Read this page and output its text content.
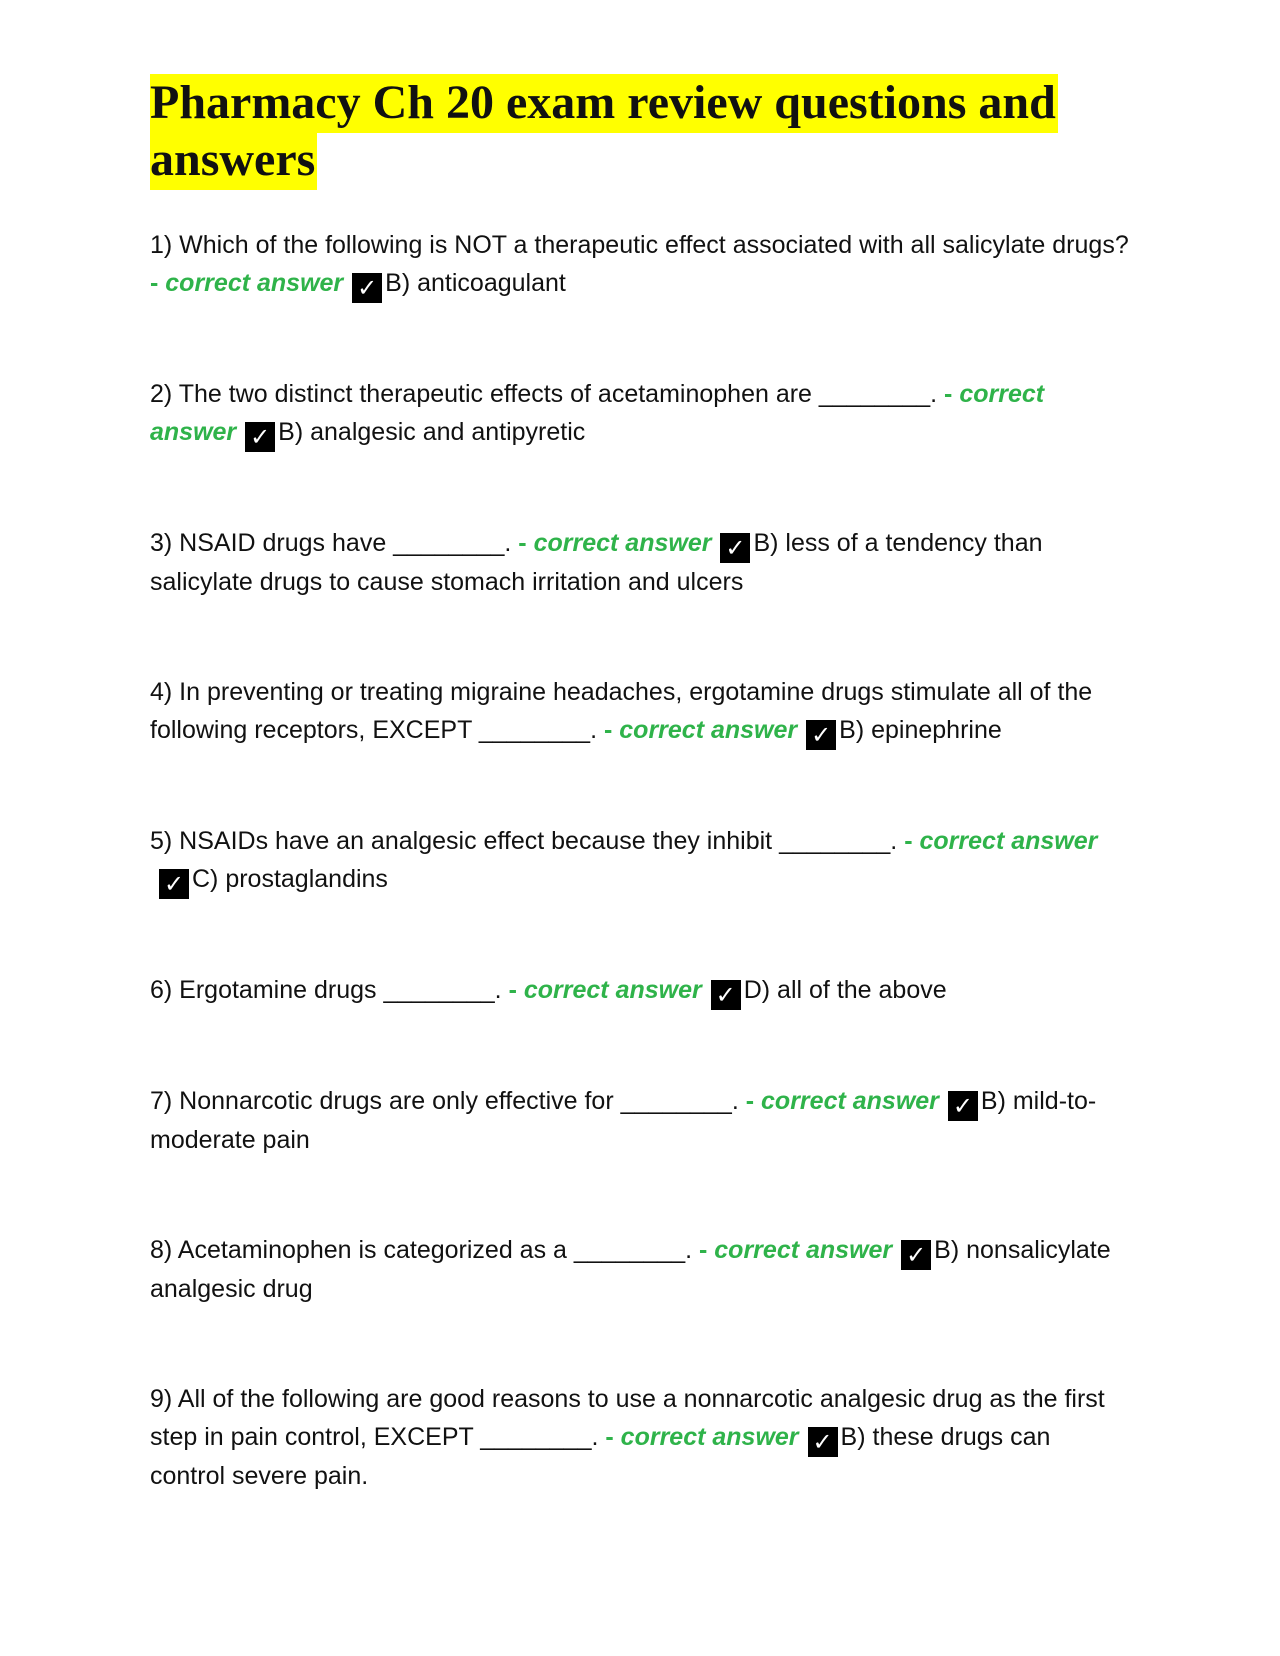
Pharmacy Ch 20 exam review questions and answers

1) Which of the following is NOT a therapeutic effect associated with all salicylate drugs? - correct answer ✓ B) anticoagulant

2) The two distinct therapeutic effects of acetaminophen are ________. - correct answer ✓ B) analgesic and antipyretic

3) NSAID drugs have ________. - correct answer ✓ B) less of a tendency than salicylate drugs to cause stomach irritation and ulcers

4) In preventing or treating migraine headaches, ergotamine drugs stimulate all of the following receptors, EXCEPT ________. - correct answer ✓ B) epinephrine

5) NSAIDs have an analgesic effect because they inhibit ________. - correct answer✓ C) prostaglandins

6) Ergotamine drugs ________. - correct answer ✓ D) all of the above

7) Nonnarcotic drugs are only effective for ________. - correct answer ✓ B) mild-to-moderate pain

8) Acetaminophen is categorized as a ________. - correct answer ✓ B) nonsalicylate analgesic drug

9) All of the following are good reasons to use a nonnarcotic analgesic drug as the first step in pain control, EXCEPT ________. - correct answer ✓ B) these drugs can control severe pain.
